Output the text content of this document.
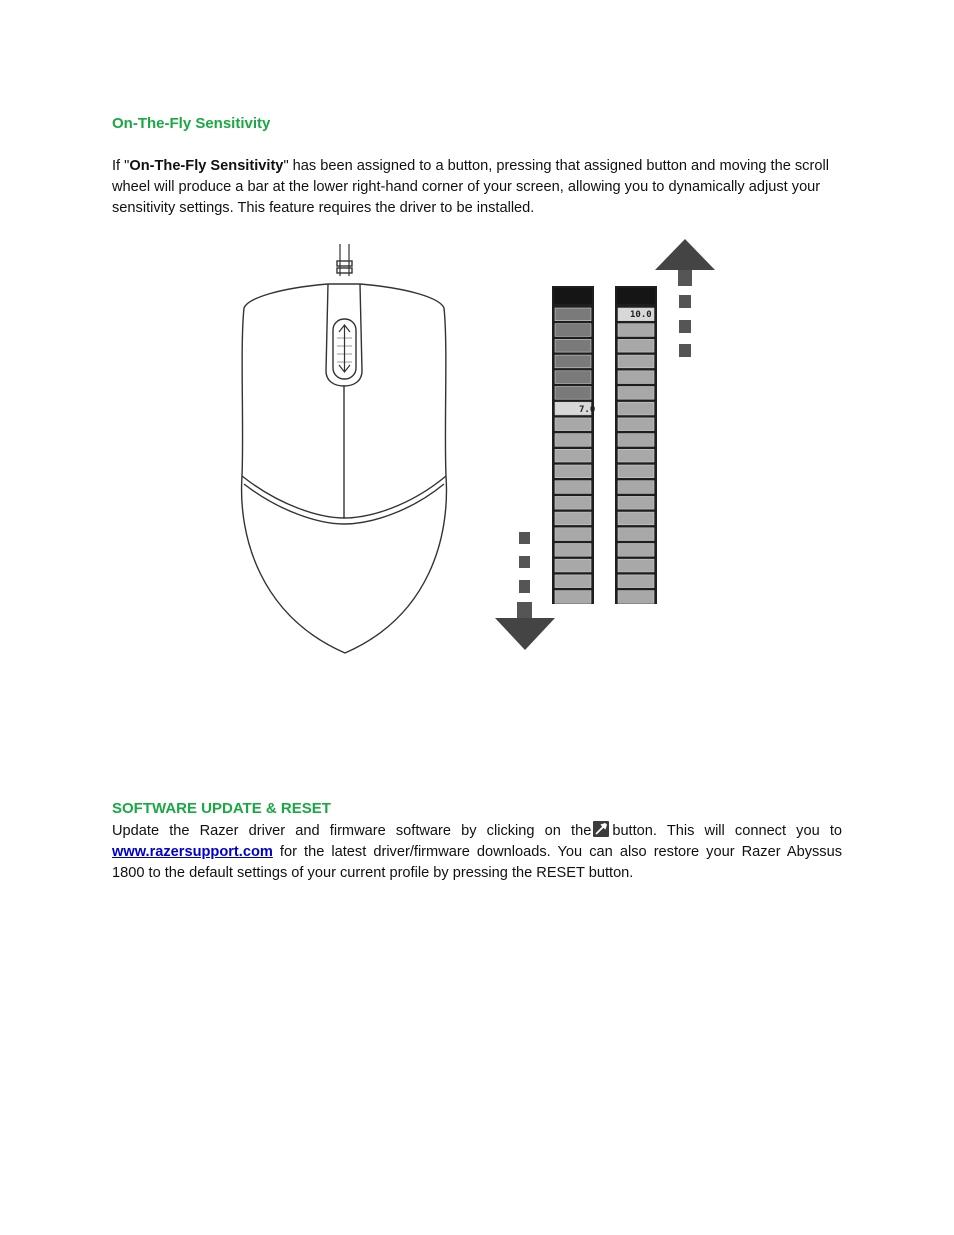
On-The-Fly Sensitivity
If "On-The-Fly Sensitivity" has been assigned to a button, pressing that assigned button and moving the scroll wheel will produce a bar at the lower right-hand corner of your screen, allowing you to dynamically adjust your sensitivity settings. This feature requires the driver to be installed.
7.0
10.0
SOFTWARE UPDATE & RESET
Update the Razer driver and firmware software by clicking on the button. This will connect you to www.razersupport.com for the latest driver/firmware downloads. You can also restore your Razer Abyssus 1800 to the default settings of your current profile by pressing the RESET button.
